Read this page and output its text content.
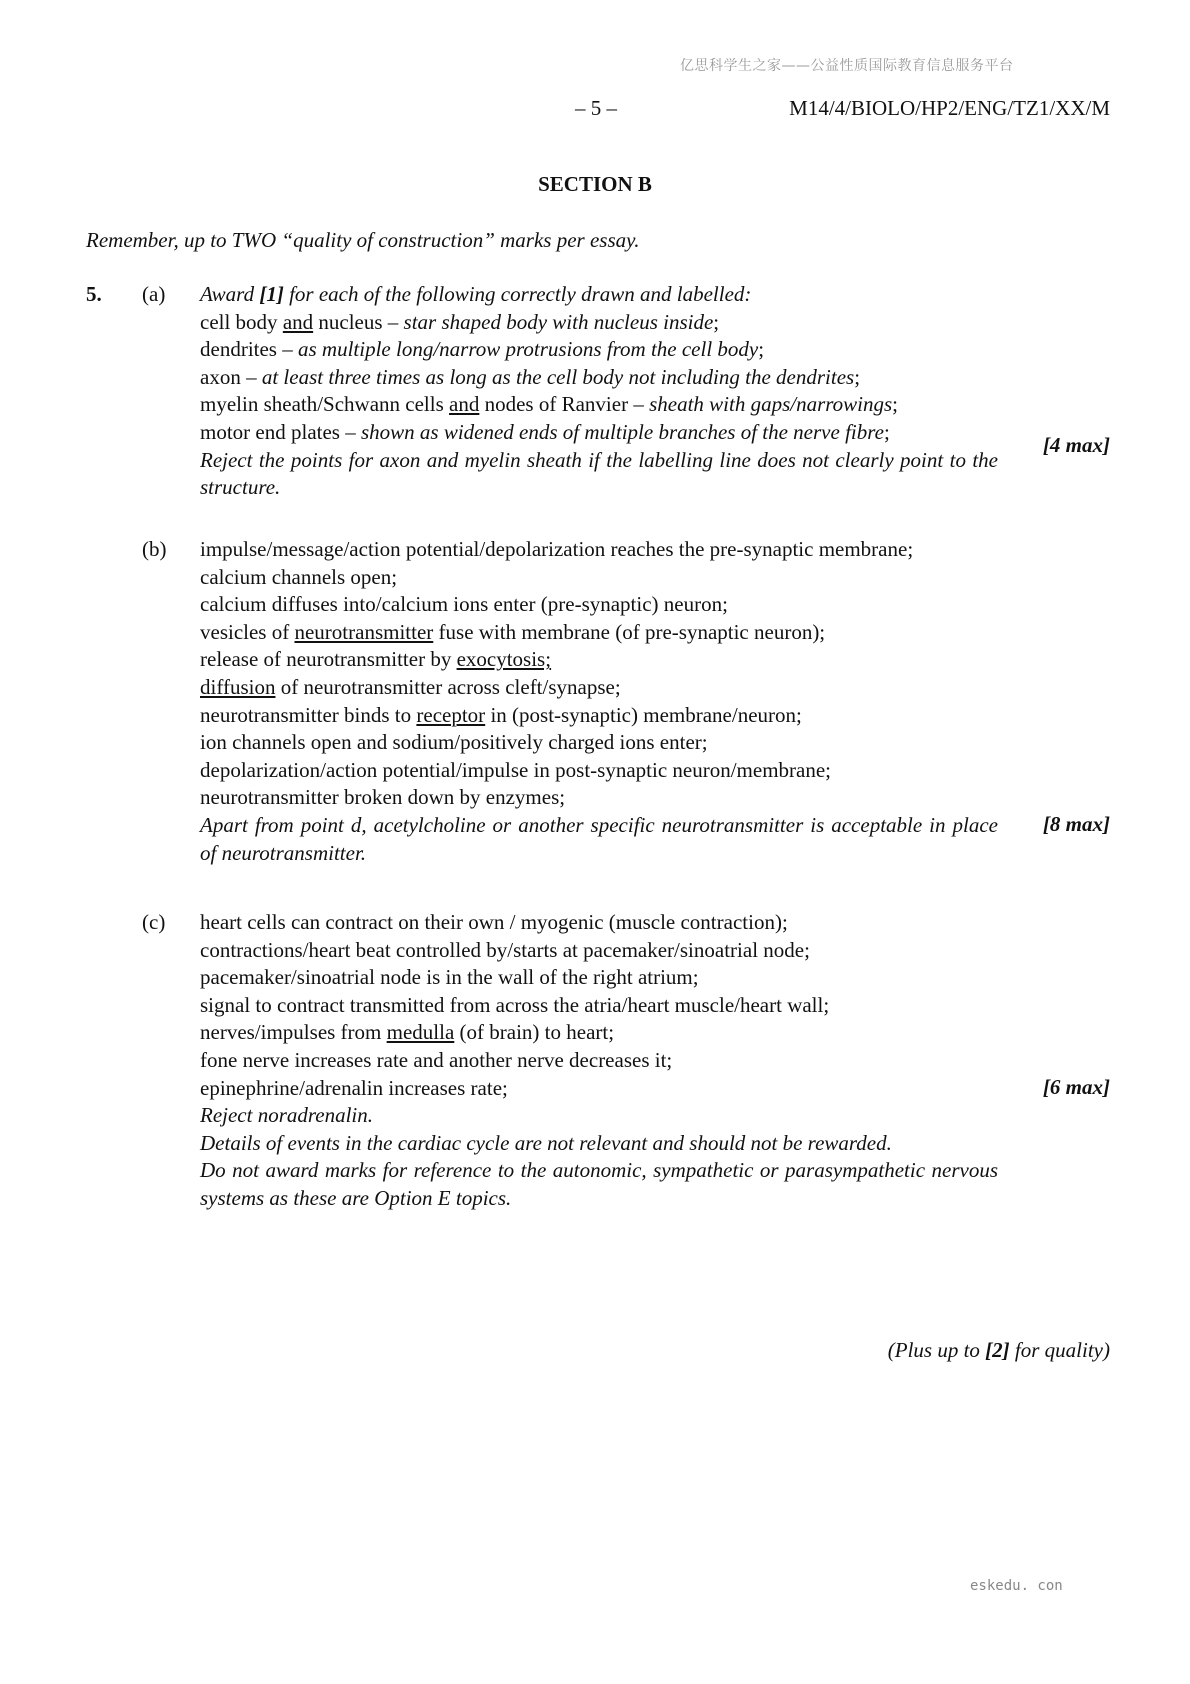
亿思科学生之家——公益性质国际教育信息服务平台
– 5 –	M14/4/BIOLO/HP2/ENG/TZ1/XX/M
SECTION B
Remember, up to TWO “quality of construction” marks per essay.
5. (a) Award [1] for each of the following correctly drawn and labelled:
cell body and nucleus – star shaped body with nucleus inside;
dendrites – as multiple long/narrow protrusions from the cell body;
axon – at least three times as long as the cell body not including the dendrites;
myelin sheath/Schwann cells and nodes of Ranvier – sheath with gaps/narrowings;
motor end plates – shown as widened ends of multiple branches of the nerve fibre;
Reject the points for axon and myelin sheath if the labelling line does not clearly point to the structure.
[4 max]
(b) impulse/message/action potential/depolarization reaches the pre-synaptic membrane;
calcium channels open;
calcium diffuses into/calcium ions enter (pre-synaptic) neuron;
vesicles of neurotransmitter fuse with membrane (of pre-synaptic neuron);
release of neurotransmitter by exocytosis;
diffusion of neurotransmitter across cleft/synapse;
neurotransmitter binds to receptor in (post-synaptic) membrane/neuron;
ion channels open and sodium/positively charged ions enter;
depolarization/action potential/impulse in post-synaptic neuron/membrane;
neurotransmitter broken down by enzymes;
Apart from point d, acetylcholine or another specific neurotransmitter is acceptable in place of neurotransmitter.
[8 max]
(c) heart cells can contract on their own / myogenic (muscle contraction);
contractions/heart beat controlled by/starts at pacemaker/sinoatrial node;
pacemaker/sinoatrial node is in the wall of the right atrium;
signal to contract transmitted from across the atria/heart muscle/heart wall;
nerves/impulses from medulla (of brain) to heart;
fone nerve increases rate and another nerve decreases it;
epinephrine/adrenalin increases rate;
Reject noradrenalin.
Details of events in the cardiac cycle are not relevant and should not be rewarded.
Do not award marks for reference to the autonomic, sympathetic or parasympathetic nervous systems as these are Option E topics.
[6 max]
(Plus up to [2] for quality)
eskedu. con
